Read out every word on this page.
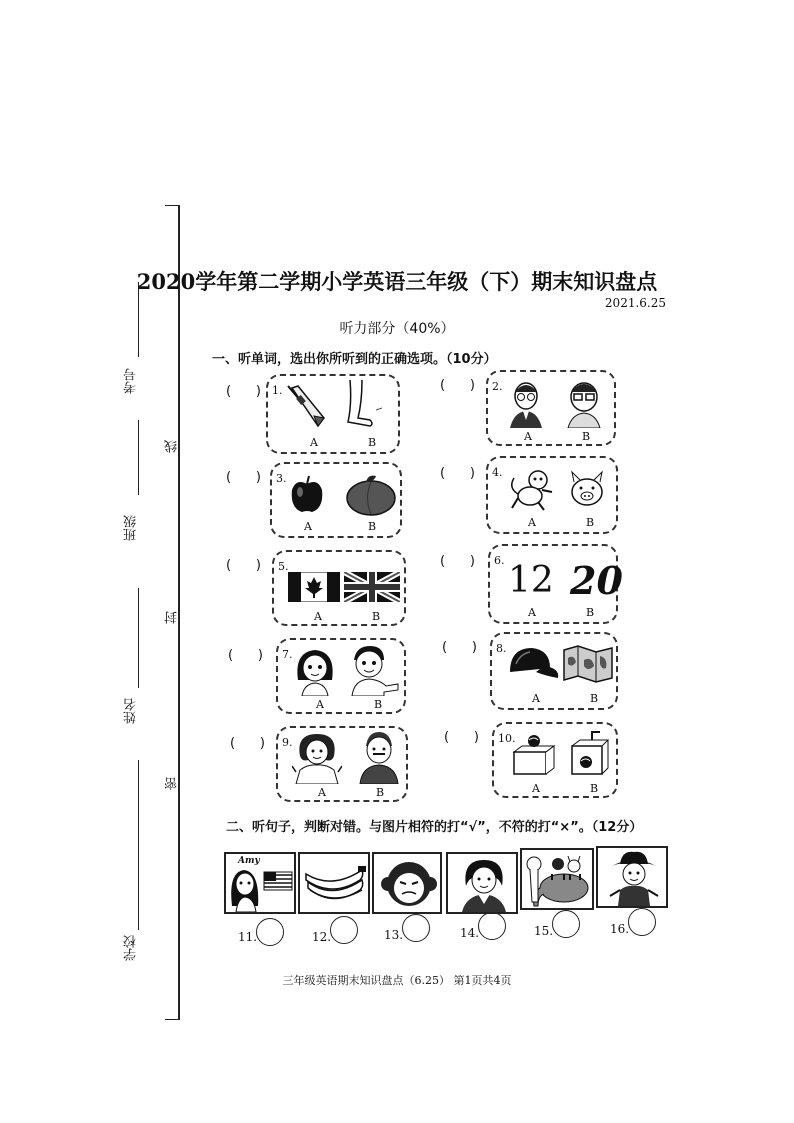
考号
班级
姓名
学校
线
封
密
2020学年第二学期小学英语三年级（下）期末知识盘点
2021.6.25
听力部分（40%）
一、听单词，选出你所听到的正确选项。（10分）
(      ) 1.
A	B
(      ) 2.
A	B
(      ) 3.
A	B
(      ) 4.
A	B
(      ) 5.
A	B
(      ) 6. 12 20
A	B
(      ) 7.
A	B
(      ) 8.
A	B
(      ) 9.
A	B
(      ) 10.
A	B
二、听句子，判断对错。与图片相符的打“√”，不符的打“×”。（12分）
Amy
11.	12.	13.	14.	15.	16.
三年级英语期末知识盘点（6.25） 第1页共4页
